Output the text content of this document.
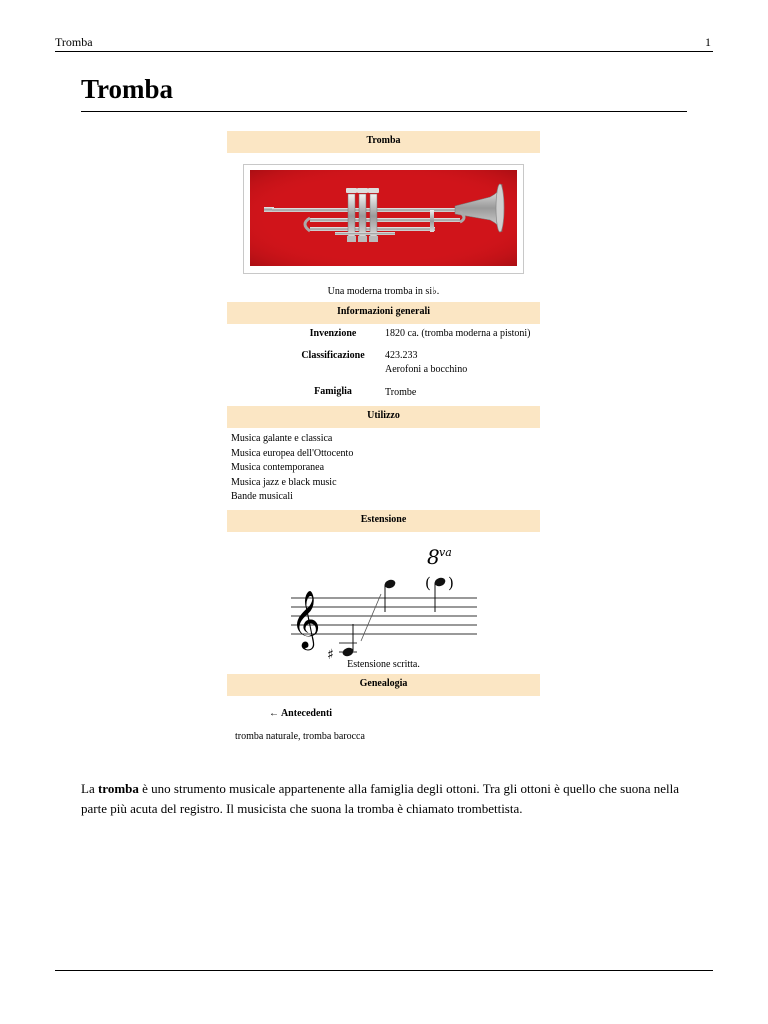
Tromba	1
Tromba
Tromba
Una moderna tromba in si♭.
Informazioni generali
Invenzione	1820 ca. (tromba moderna a pistoni)
Classificazione	423.233
Aerofoni a bocchino
Famiglia	Trombe
Utilizzo
Musica galante e classica
Musica europea dell'Ottocento
Musica contemporanea
Musica jazz e black music
Bande musicali
Estensione
𝄞
♯
8 va
( )
Estensione scritta.
Genealogia
← Antecedenti
tromba naturale, tromba barocca

La tromba è uno strumento musicale appartenente alla famiglia degli ottoni. Tra gli ottoni è quello che suona nella parte più acuta del registro. Il musicista che suona la tromba è chiamato trombettista.
